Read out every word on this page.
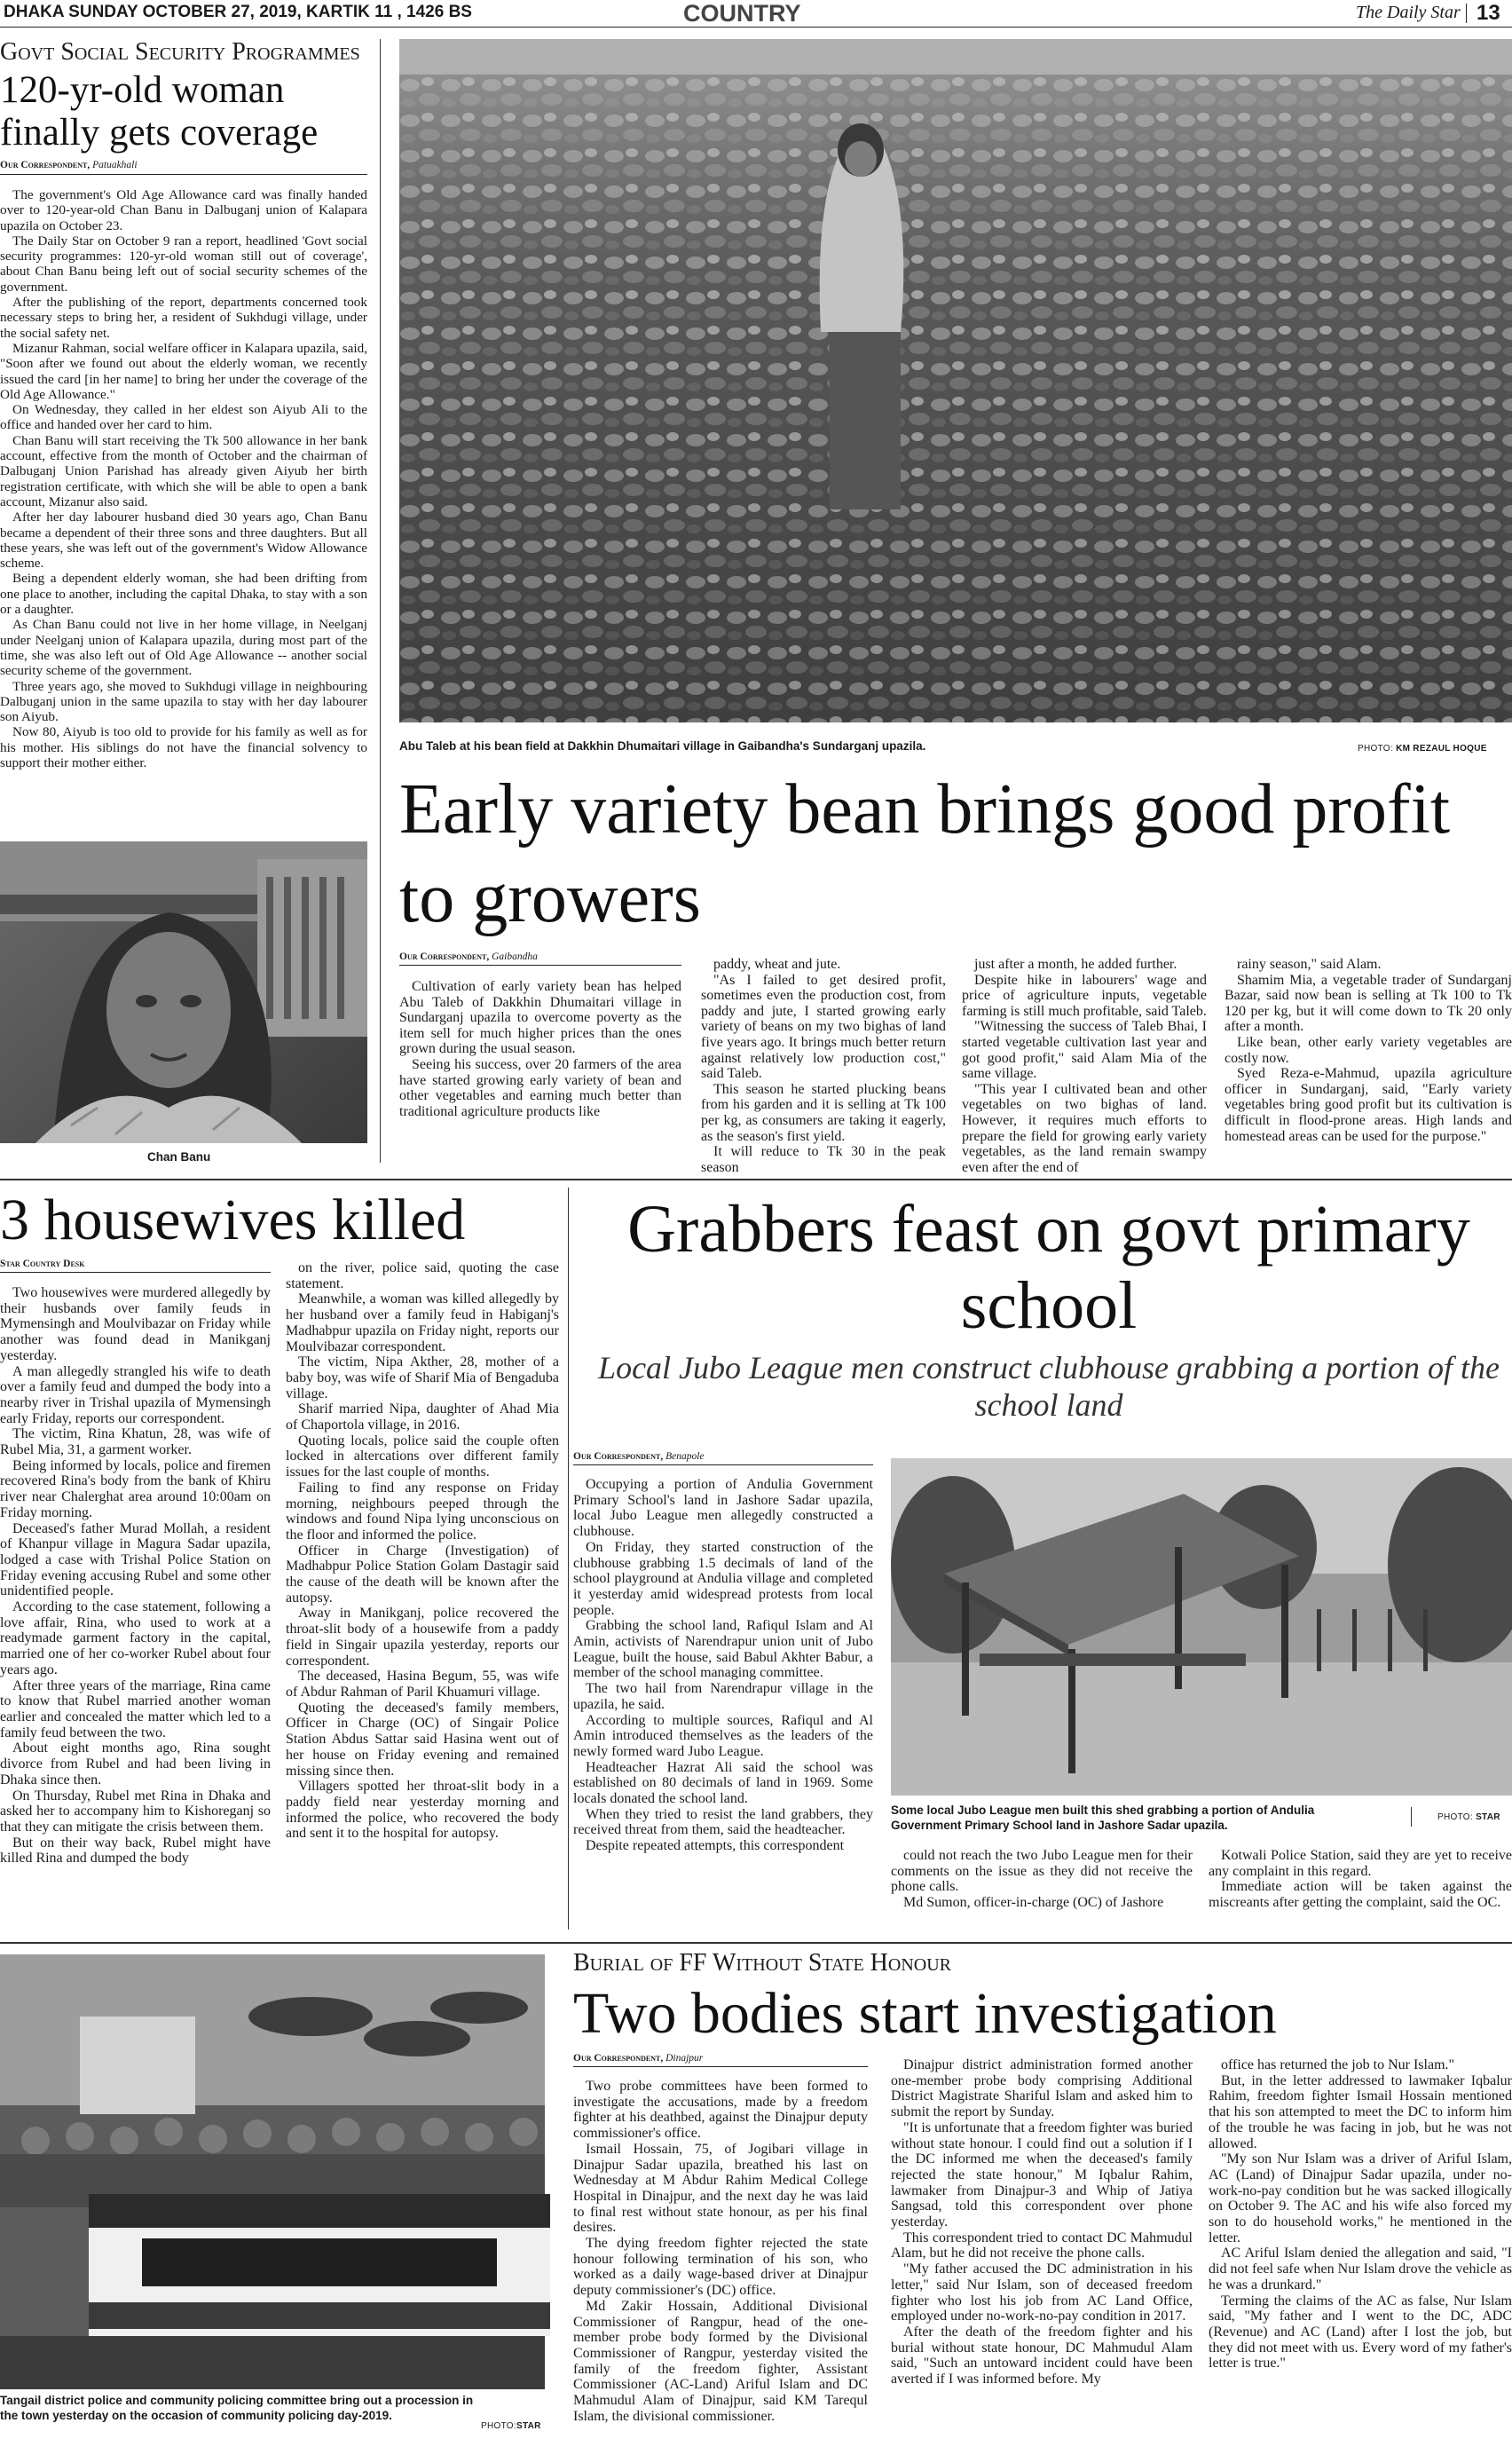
DHAKA SUNDAY OCTOBER 27, 2019, KARTIK 11 , 1426 BS	COUNTRY	The Daily Star 13
Govt Social Security Programmes
120-yr-old woman finally gets coverage
Our Correspondent, Patuakhali

The government's Old Age Allowance card was finally handed over to 120-year-old Chan Banu in Dalbuganj union of Kalapara upazila on October 23.

The Daily Star on October 9 ran a report, headlined 'Govt social security programmes: 120-yr-old woman still out of coverage', about Chan Banu being left out of social security schemes of the government.

After the publishing of the report, departments concerned took necessary steps to bring her, a resident of Sukhdugi village, under the social safety net.

Mizanur Rahman, social welfare officer in Kalapara upazila, said, "Soon after we found out about the elderly woman, we recently issued the card [in her name] to bring her under the coverage of the Old Age Allowance."

On Wednesday, they called in her eldest son Aiyub Ali to the office and handed over her card to him.

Chan Banu will start receiving the Tk 500 allowance in her bank account, effective from the month of October and the chairman of Dalbuganj Union Parishad has already given Aiyub her birth registration certificate, with which she will be able to open a bank account, Mizanur also said.

After her day labourer husband died 30 years ago, Chan Banu became a dependent of their three sons and three daughters. But all these years, she was left out of the government's Widow Allowance scheme.

Being a dependent elderly woman, she had been drifting from one place to another, including the capital Dhaka, to stay with a son or a daughter.

As Chan Banu could not live in her home village, in Neelganj under Neelganj union of Kalapara upazila, during most part of the time, she was also left out of Old Age Allowance -- another social security scheme of the government.

Three years ago, she moved to Sukhdugi village in neighbouring Dalbuganj union in the same upazila to stay with her day labourer son Aiyub.

Now 80, Aiyub is too old to provide for his family as well as for his mother. His siblings do not have the financial solvency to support their mother either.

Chan Banu
Abu Taleb at his bean field at Dakkhin Dhumaitari village in Gaibandha's Sundarganj upazila.	PHOTO: KM REZAUL HOQUE
Early variety bean brings good profit to growers
Our Correspondent, Gaibandha

Cultivation of early variety bean has helped Abu Taleb of Dakkhin Dhumaitari village in Sundarganj upazila to overcome poverty as the item sell for much higher prices than the ones grown during the usual season.

Seeing his success, over 20 farmers of the area have started growing early variety of bean and other vegetables and earning much better than traditional agriculture products like

paddy, wheat and jute.

"As I failed to get desired profit, sometimes even the production cost, from paddy and jute, I started growing early variety of beans on my two bighas of land five years ago. It brings much better return against relatively low production cost," said Taleb.

This season he started plucking beans from his garden and it is selling at Tk 100 per kg, as consumers are taking it eagerly, as the season's first yield.

It will reduce to Tk 30 in the peak season

just after a month, he added further.

Despite hike in labourers' wage and price of agriculture inputs, vegetable farming is still much profitable, said Taleb.

"Witnessing the success of Taleb Bhai, I started vegetable cultivation last year and got good profit," said Alam Mia of the same village.

"This year I cultivated bean and other vegetables on two bighas of land. However, it requires much efforts to prepare the field for growing early variety vegetables, as the land remain swampy even after the end of

rainy season," said Alam.

Shamim Mia, a vegetable trader of Sundarganj Bazar, said now bean is selling at Tk 100 to Tk 120 per kg, but it will come down to Tk 20 only after a month.

Like bean, other early variety vegetables are costly now.

Syed Reza-e-Mahmud, upazila agriculture officer in Sundarganj, said, "Early variety vegetables bring good profit but its cultivation is difficult in flood-prone areas. High lands and homestead areas can be used for the purpose."

3 housewives killed
Star Country Desk

Two housewives were murdered allegedly by their husbands over family feuds in Mymensingh and Moulvibazar on Friday while another was found dead in Manikganj yesterday.

A man allegedly strangled his wife to death over a family feud and dumped the body into a nearby river in Trishal upazila of Mymensingh early Friday, reports our correspondent.

The victim, Rina Khatun, 28, was wife of Rubel Mia, 31, a garment worker.

Being informed by locals, police and firemen recovered Rina's body from the bank of Khiru river near Chalerghat area around 10:00am on Friday morning.

Deceased's father Murad Mollah, a resident of Khanpur village in Magura Sadar upazila, lodged a case with Trishal Police Station on Friday evening accusing Rubel and some other unidentified people.

According to the case statement, following a love affair, Rina, who used to work at a readymade garment factory in the capital, married one of her co-worker Rubel about four years ago.

After three years of the marriage, Rina came to know that Rubel married another woman earlier and concealed the matter which led to a family feud between the two.

About eight months ago, Rina sought divorce from Rubel and had been living in Dhaka since then.

On Thursday, Rubel met Rina in Dhaka and asked her to accompany him to Kishoreganj so that they can mitigate the crisis between them.

But on their way back, Rubel might have killed Rina and dumped the body

on the river, police said, quoting the case statement.

Meanwhile, a woman was killed allegedly by her husband over a family feud in Habiganj's Madhabpur upazila on Friday night, reports our Moulvibazar correspondent.

The victim, Nipa Akther, 28, mother of a baby boy, was wife of Sharif Mia of Bengaduba village.

Sharif married Nipa, daughter of Ahad Mia of Chaportola village, in 2016.

Quoting locals, police said the couple often locked in altercations over different family issues for the last couple of months.

Failing to find any response on Friday morning, neighbours peeped through the windows and found Nipa lying unconscious on the floor and informed the police.

Officer in Charge (Investigation) of Madhabpur Police Station Golam Dastagir said the cause of the death will be known after the autopsy.

Away in Manikganj, police recovered the throat-slit body of a housewife from a paddy field in Singair upazila yesterday, reports our correspondent.

The deceased, Hasina Begum, 55, was wife of Abdur Rahman of Paril Khuamuri village.

Quoting the deceased's family members, Officer in Charge (OC) of Singair Police Station Abdus Sattar said Hasina went out of her house on Friday evening and remained missing since then.

Villagers spotted her throat-slit body in a paddy field near yesterday morning and informed the police, who recovered the body and sent it to the hospital for autopsy.

Grabbers feast on govt primary school
Local Jubo League men construct clubhouse grabbing a portion of the school land
Our Correspondent, Benapole

Occupying a portion of Andulia Government Primary School's land in Jashore Sadar upazila, local Jubo League men allegedly constructed a clubhouse.

On Friday, they started construction of the clubhouse grabbing 1.5 decimals of land of the school playground at Andulia village and completed it yesterday amid widespread protests from local people.

Grabbing the school land, Rafiqul Islam and Al Amin, activists of Narendrapur union unit of Jubo League, built the house, said Babul Akhter Babur, a member of the school managing committee.

The two hail from Narendrapur village in the upazila, he said.

According to multiple sources, Rafiqul and Al Amin introduced themselves as the leaders of the newly formed ward Jubo League.

Headteacher Hazrat Ali said the school was established on 80 decimals of land in 1969. Some locals donated the school land.

When they tried to resist the land grabbers, they received threat from them, said the headteacher.

Despite repeated attempts, this correspondent

Some local Jubo League men built this shed grabbing a portion of Andulia Government Primary School land in Jashore Sadar upazila.
PHOTO: STAR

could not reach the two Jubo League men for their comments on the issue as they did not receive the phone calls.

Md Sumon, officer-in-charge (OC) of Jashore

Kotwali Police Station, said they are yet to receive any complaint in this regard.

Immediate action will be taken against the miscreants after getting the complaint, said the OC.

Tangail district police and community policing committee bring out a procession in the town yesterday on the occasion of community policing day-2019.
PHOTO:STAR
Burial of FF Without State Honour
Two bodies start investigation
Our Correspondent, Dinajpur

Two probe committees have been formed to investigate the accusations, made by a freedom fighter at his deathbed, against the Dinajpur deputy commissioner's office.

Ismail Hossain, 75, of Jogibari village in Dinajpur Sadar upazila, breathed his last on Wednesday at M Abdur Rahim Medical College Hospital in Dinajpur, and the next day he was laid to final rest without state honour, as per his final desires.

The dying freedom fighter rejected the state honour following termination of his son, who worked as a daily wage-based driver at Dinajpur deputy commissioner's (DC) office.

Md Zakir Hossain, Additional Divisional Commissioner of Rangpur, head of the one-member probe body formed by the Divisional Commissioner of Rangpur, yesterday visited the family of the freedom fighter, Assistant Commissioner (AC-Land) Ariful Islam and DC Mahmudul Alam of Dinajpur, said KM Tarequl Islam, the divisional commissioner.

Dinajpur district administration formed another one-member probe body comprising Additional District Magistrate Shariful Islam and asked him to submit the report by Sunday.

"It is unfortunate that a freedom fighter was buried without state honour. I could find out a solution if I the DC informed me when the deceased's family rejected the state honour," M Iqbalur Rahim, lawmaker from Dinajpur-3 and Whip of Jatiya Sangsad, told this correspondent over phone yesterday.

This correspondent tried to contact DC Mahmudul Alam, but he did not receive the phone calls.

"My father accused the DC administration in his letter," said Nur Islam, son of deceased freedom fighter who lost his job from AC Land Office, employed under no-work-no-pay condition in 2017.

After the death of the freedom fighter and his burial without state honour, DC Mahmudul Alam said, "Such an untoward incident could have been averted if I was informed before. My

office has returned the job to Nur Islam."

But, in the letter addressed to lawmaker Iqbalur Rahim, freedom fighter Ismail Hossain mentioned that his son attempted to meet the DC to inform him of the trouble he was facing in job, but he was not allowed.

"My son Nur Islam was a driver of Ariful Islam, AC (Land) of Dinajpur Sadar upazila, under no-work-no-pay condition but he was sacked illogically on October 9. The AC and his wife also forced my son to do household works," he mentioned in the letter.

AC Ariful Islam denied the allegation and said, "I did not feel safe when Nur Islam drove the vehicle as he was a drunkard."

Terming the claims of the AC as false, Nur Islam said, "My father and I went to the DC, ADC (Revenue) and AC (Land) after I lost the job, but they did not meet with us. Every word of my father's letter is true."
